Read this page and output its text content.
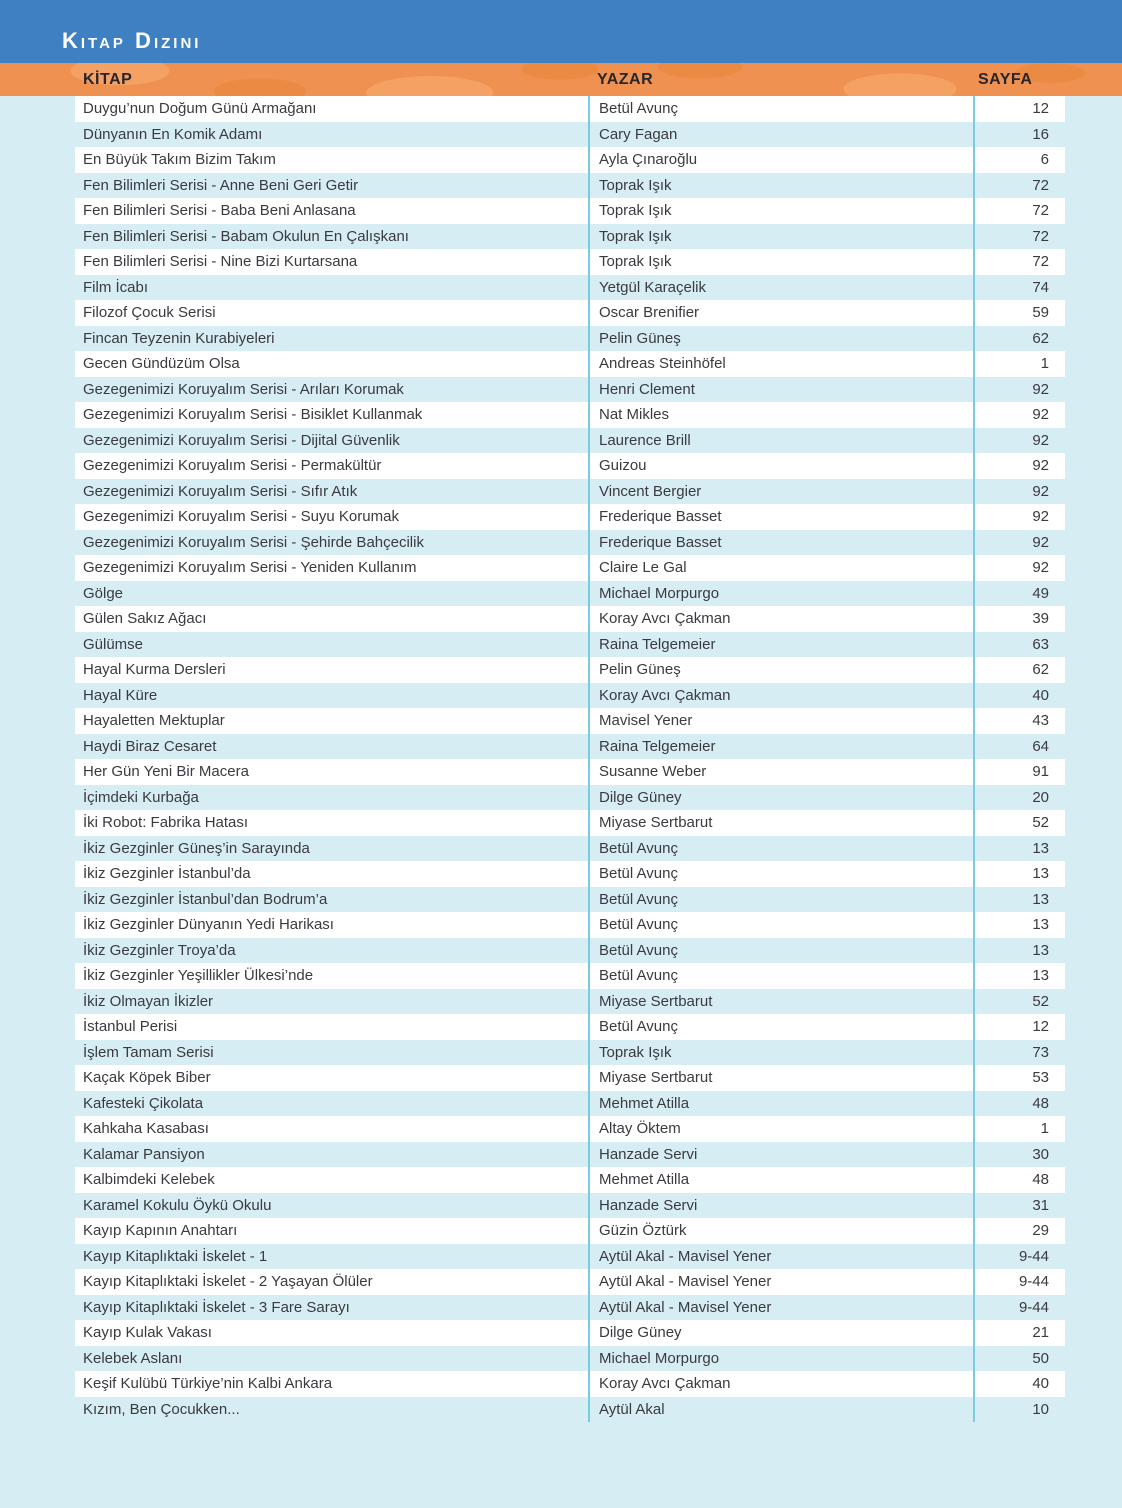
Kitap Dizini
KİTAP	YAZAR	SAYFA
Duygu’nun Doğum Günü Armağanı	Betül Avunç	12
Dünyanın En Komik Adamı	Cary Fagan	16
En Büyük Takım Bizim Takım	Ayla Çınaroğlu	6
Fen Bilimleri Serisi - Anne Beni Geri Getir	Toprak Işık	72
Fen Bilimleri Serisi - Baba Beni Anlasana	Toprak Işık	72
Fen Bilimleri Serisi - Babam Okulun En Çalışkanı	Toprak Işık	72
Fen Bilimleri Serisi - Nine Bizi Kurtarsana	Toprak Işık	72
Film İcabı	Yetgül Karaçelik	74
Filozof Çocuk Serisi	Oscar Brenifier	59
Fincan Teyzenin Kurabiyeleri	Pelin Güneş	62
Gecen Gündüzüm Olsa	Andreas Steinhöfel	1
Gezegenimizi Koruyalım Serisi - Arıları Korumak	Henri Clement	92
Gezegenimizi Koruyalım Serisi - Bisiklet Kullanmak	Nat Mikles	92
Gezegenimizi Koruyalım Serisi - Dijital Güvenlik	Laurence Brill	92
Gezegenimizi Koruyalım Serisi - Permakültür	Guizou	92
Gezegenimizi Koruyalım Serisi - Sıfır Atık	Vincent Bergier	92
Gezegenimizi Koruyalım Serisi - Suyu Korumak	Frederique Basset	92
Gezegenimizi Koruyalım Serisi - Şehirde Bahçecilik	Frederique Basset	92
Gezegenimizi Koruyalım Serisi - Yeniden Kullanım	Claire Le Gal	92
Gölge	Michael Morpurgo	49
Gülen Sakız Ağacı	Koray Avcı Çakman	39
Gülümse	Raina Telgemeier	63
Hayal Kurma Dersleri	Pelin Güneş	62
Hayal Küre	Koray Avcı Çakman	40
Hayaletten Mektuplar	Mavisel Yener	43
Haydi Biraz Cesaret	Raina Telgemeier	64
Her Gün Yeni Bir Macera	Susanne Weber	91
İçimdeki Kurbağa	Dilge Güney	20
İki Robot: Fabrika Hatası	Miyase Sertbarut	52
İkiz Gezginler Güneş’in Sarayında	Betül Avunç	13
İkiz Gezginler İstanbul’da	Betül Avunç	13
İkiz Gezginler İstanbul’dan Bodrum’a	Betül Avunç	13
İkiz Gezginler Dünyanın Yedi Harikası	Betül Avunç	13
İkiz Gezginler Troya’da	Betül Avunç	13
İkiz Gezginler Yeşillikler Ülkesi’nde	Betül Avunç	13
İkiz Olmayan İkizler	Miyase Sertbarut	52
İstanbul Perisi	Betül Avunç	12
İşlem Tamam Serisi	Toprak Işık	73
Kaçak Köpek Biber	Miyase Sertbarut	53
Kafesteki Çikolata	Mehmet Atilla	48
Kahkaha Kasabası	Altay Öktem	1
Kalamar Pansiyon	Hanzade Servi	30
Kalbimdeki Kelebek	Mehmet Atilla	48
Karamel Kokulu Öykü Okulu	Hanzade Servi	31
Kayıp Kapının Anahtarı	Güzin Öztürk	29
Kayıp Kitaplıktaki İskelet - 1	Aytül Akal - Mavisel Yener	9-44
Kayıp Kitaplıktaki İskelet - 2 Yaşayan Ölüler	Aytül Akal - Mavisel Yener	9-44
Kayıp Kitaplıktaki İskelet - 3 Fare Sarayı	Aytül Akal - Mavisel Yener	9-44
Kayıp Kulak Vakası	Dilge Güney	21
Kelebek Aslanı	Michael Morpurgo	50
Keşif Kulübü Türkiye’nin Kalbi Ankara	Koray Avcı Çakman	40
Kızım, Ben Çocukken...	Aytül Akal	10
